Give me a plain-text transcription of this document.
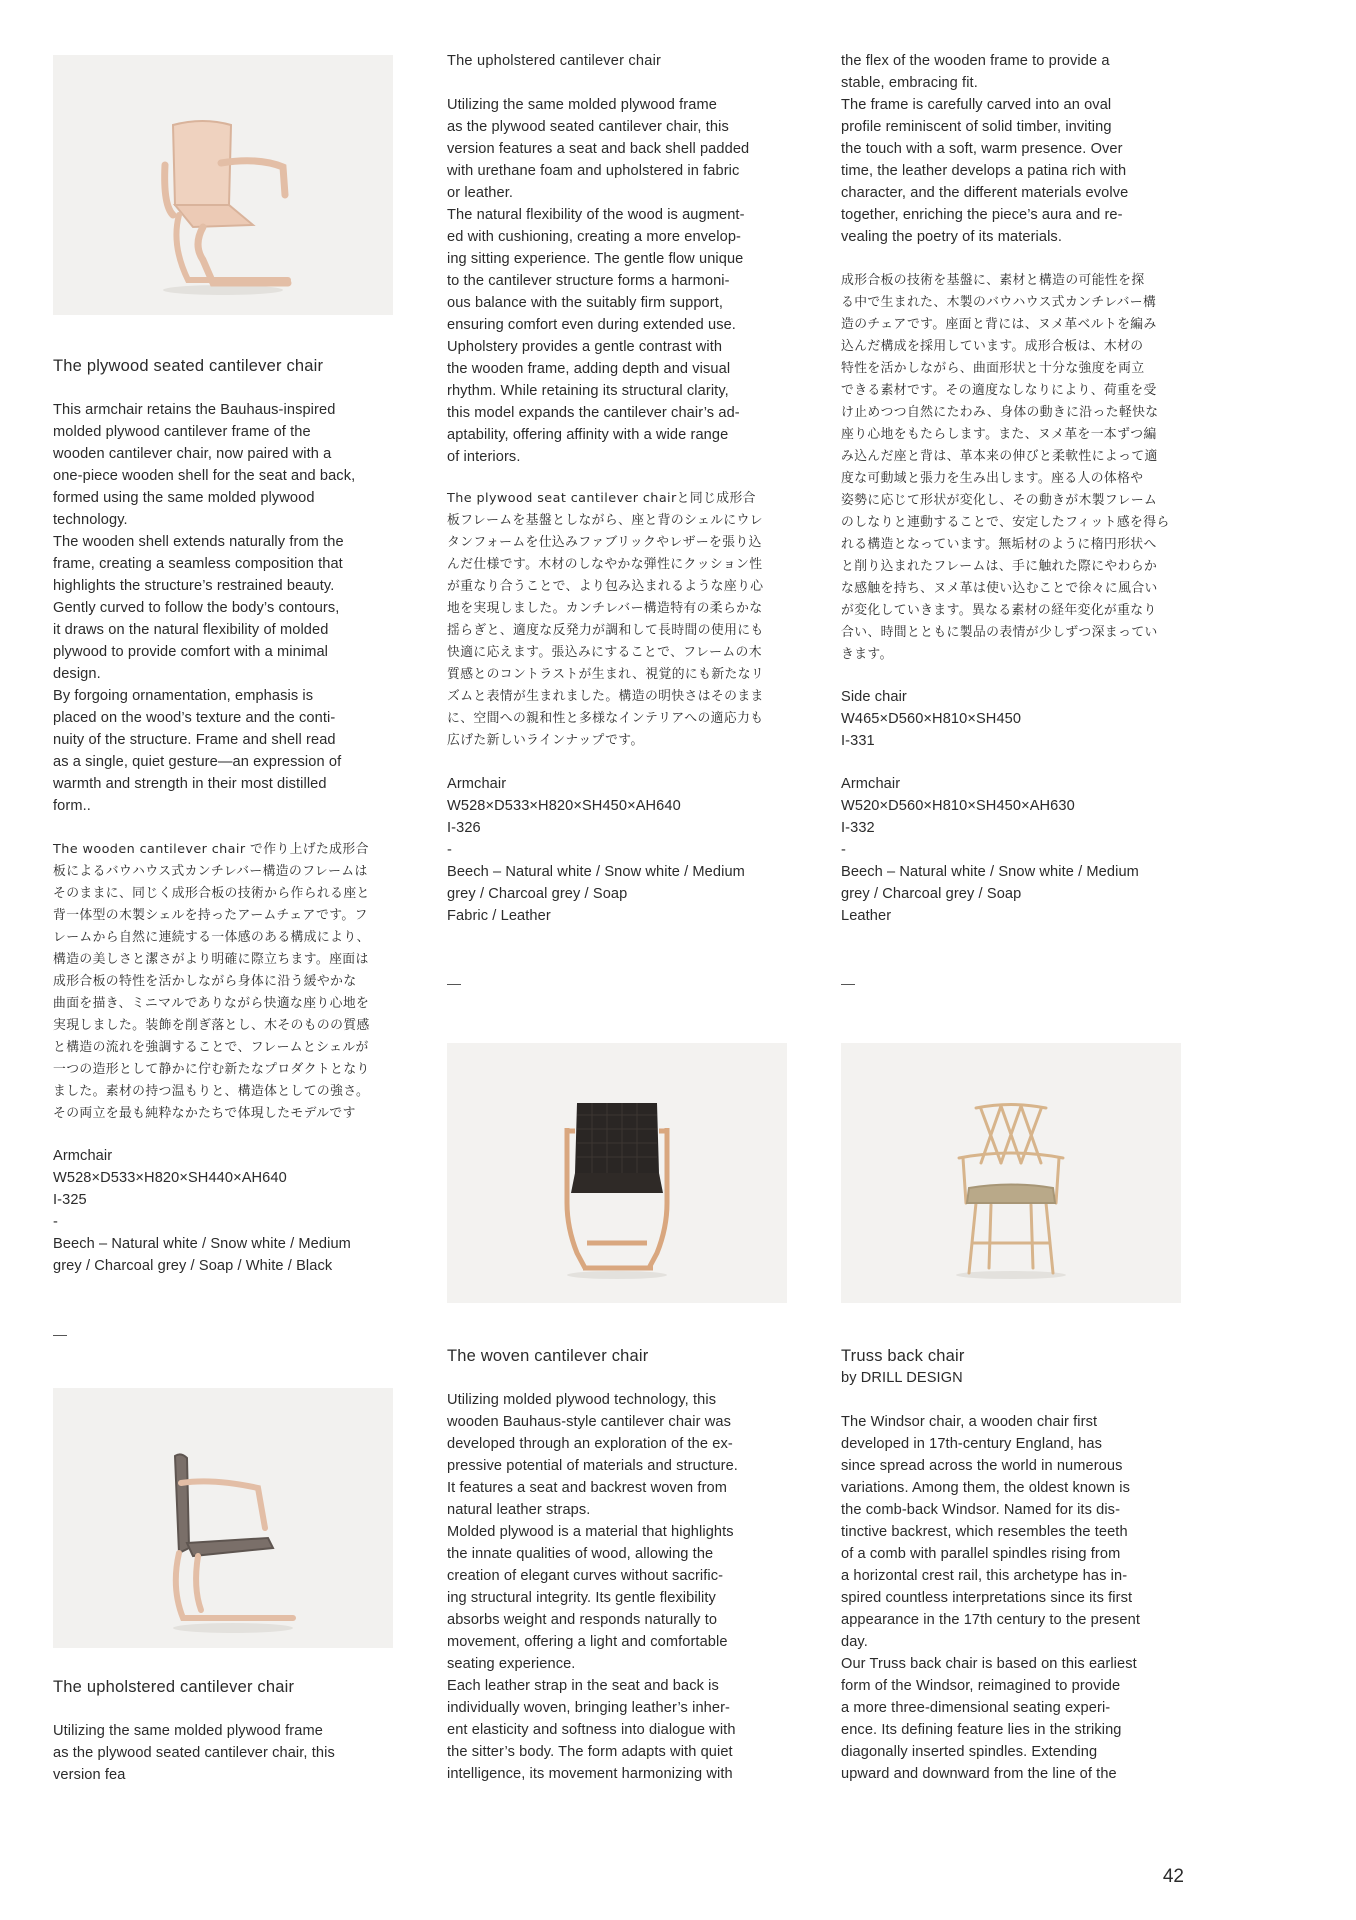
The plywood seated cantilever chair

This armchair retains the Bauhaus-inspired
molded plywood cantilever frame of the
wooden cantilever chair, now paired with a
one-piece wooden shell for the seat and back,
formed using the same molded plywood
technology.
The wooden shell extends naturally from the
frame, creating a seamless composition that
highlights the structure’s restrained beauty.
Gently curved to follow the body’s contours,
it draws on the natural flexibility of molded
plywood to provide comfort with a minimal
design.
By forgoing ornamentation, emphasis is
placed on the wood’s texture and the conti-
nuity of the structure. Frame and shell read
as a single, quiet gesture—an expression of
warmth and strength in their most distilled
form..

The wooden cantilever chair で作り上げた成形合
板によるバウハウス式カンチレバー構造のフレームは
そのままに、同じく成形合板の技術から作られる座と
背一体型の木製シェルを持ったアームチェアです。フ
レームから自然に連続する一体感のある構成により、
構造の美しさと潔さがより明確に際立ちます。座面は
成形合板の特性を活かしながら身体に沿う緩やかな
曲面を描き、ミニマルでありながら快適な座り心地を
実現しました。装飾を削ぎ落とし、木そのものの質感
と構造の流れを強調することで、フレームとシェルが
一つの造形として静かに佇む新たなプロダクトとなり
ました。素材の持つ温もりと、構造体としての強さ。
その両立を最も純粋なかたちで体現したモデルです

Armchair
W528×D533×H820×SH440×AH640
I-325
-
Beech – Natural white / Snow white / Medium
grey / Charcoal grey / Soap / White / Black

The upholstered cantilever chair

Utilizing the same molded plywood frame
as the plywood seated cantilever chair, this
version fea

The upholstered cantilever chair

Utilizing the same molded plywood frame
as the plywood seated cantilever chair, this
version features a seat and back shell padded
with urethane foam and upholstered in fabric
or leather.
The natural flexibility of the wood is augment-
ed with cushioning, creating a more envelop-
ing sitting experience. The gentle flow unique
to the cantilever structure forms a harmoni-
ous balance with the suitably firm support,
ensuring comfort even during extended use.
Upholstery provides a gentle contrast with
the wooden frame, adding depth and visual
rhythm. While retaining its structural clarity,
this model expands the cantilever chair’s ad-
aptability, offering affinity with a wide range
of interiors.

The plywood seat cantilever chairと同じ成形合
板フレームを基盤としながら、座と背のシェルにウレ
タンフォームを仕込みファブリックやレザーを張り込
んだ仕様です。木材のしなやかな弾性にクッション性
が重なり合うことで、より包み込まれるような座り心
地を実現しました。カンチレバー構造特有の柔らかな
揺らぎと、適度な反発力が調和して長時間の使用にも
快適に応えます。張込みにすることで、フレームの木
質感とのコントラストが生まれ、視覚的にも新たなリ
ズムと表情が生まれました。構造の明快さはそのまま
に、空間への親和性と多様なインテリアへの適応力も
広げた新しいラインナップです。

Armchair
W528×D533×H820×SH450×AH640
I-326
-
Beech – Natural white / Snow white / Medium
grey / Charcoal grey / Soap
Fabric / Leather

The woven cantilever chair

Utilizing molded plywood technology, this
wooden Bauhaus-style cantilever chair was
developed through an exploration of the ex-
pressive potential of materials and structure.
It features a seat and backrest woven from
natural leather straps.
Molded plywood is a material that highlights
the innate qualities of wood, allowing the
creation of elegant curves without sacrific-
ing structural integrity. Its gentle flexibility
absorbs weight and responds naturally to
movement, offering a light and comfortable
seating experience.
Each leather strap in the seat and back is
individually woven, bringing leather’s inher-
ent elasticity and softness into dialogue with
the sitter’s body. The form adapts with quiet
intelligence, its movement harmonizing with

the flex of the wooden frame to provide a
stable, embracing fit.
The frame is carefully carved into an oval
profile reminiscent of solid timber, inviting
the touch with a soft, warm presence. Over
time, the leather develops a patina rich with
character, and the different materials evolve
together, enriching the piece’s aura and re-
vealing the poetry of its materials.

成形合板の技術を基盤に、素材と構造の可能性を探
る中で生まれた、木製のバウハウス式カンチレバー構
造のチェアです。座面と背には、ヌメ革ベルトを編み
込んだ構成を採用しています。成形合板は、木材の
特性を活かしながら、曲面形状と十分な強度を両立
できる素材です。その適度なしなりにより、荷重を受
け止めつつ自然にたわみ、身体の動きに沿った軽快な
座り心地をもたらします。また、ヌメ革を一本ずつ編
み込んだ座と背は、革本来の伸びと柔軟性によって適
度な可動域と張力を生み出します。座る人の体格や
姿勢に応じて形状が変化し、その動きが木製フレーム
のしなりと連動することで、安定したフィット感を得ら
れる構造となっています。無垢材のように楕円形状へ
と削り込まれたフレームは、手に触れた際にやわらか
な感触を持ち、ヌメ革は使い込むことで徐々に風合い
が変化していきます。異なる素材の経年変化が重なり
合い、時間とともに製品の表情が少しずつ深まってい
きます。

Side chair
W465×D560×H810×SH450
I-331

Armchair
W520×D560×H810×SH450×AH630
I-332
-
Beech – Natural white / Snow white / Medium
grey / Charcoal grey / Soap
Leather

Truss back chair

by DRILL DESIGN

The Windsor chair, a wooden chair first
developed in 17th-century England, has
since spread across the world in numerous
variations. Among them, the oldest known is
the comb-back Windsor. Named for its dis-
tinctive backrest, which resembles the teeth
of a comb with parallel spindles rising from
a horizontal crest rail, this archetype has in-
spired countless interpretations since its first
appearance in the 17th century to the present
day.
Our Truss back chair is based on this earliest
form of the Windsor, reimagined to provide
a more three-dimensional seating experi-
ence. Its defining feature lies in the striking
diagonally inserted spindles. Extending
upward and downward from the line of the

42
